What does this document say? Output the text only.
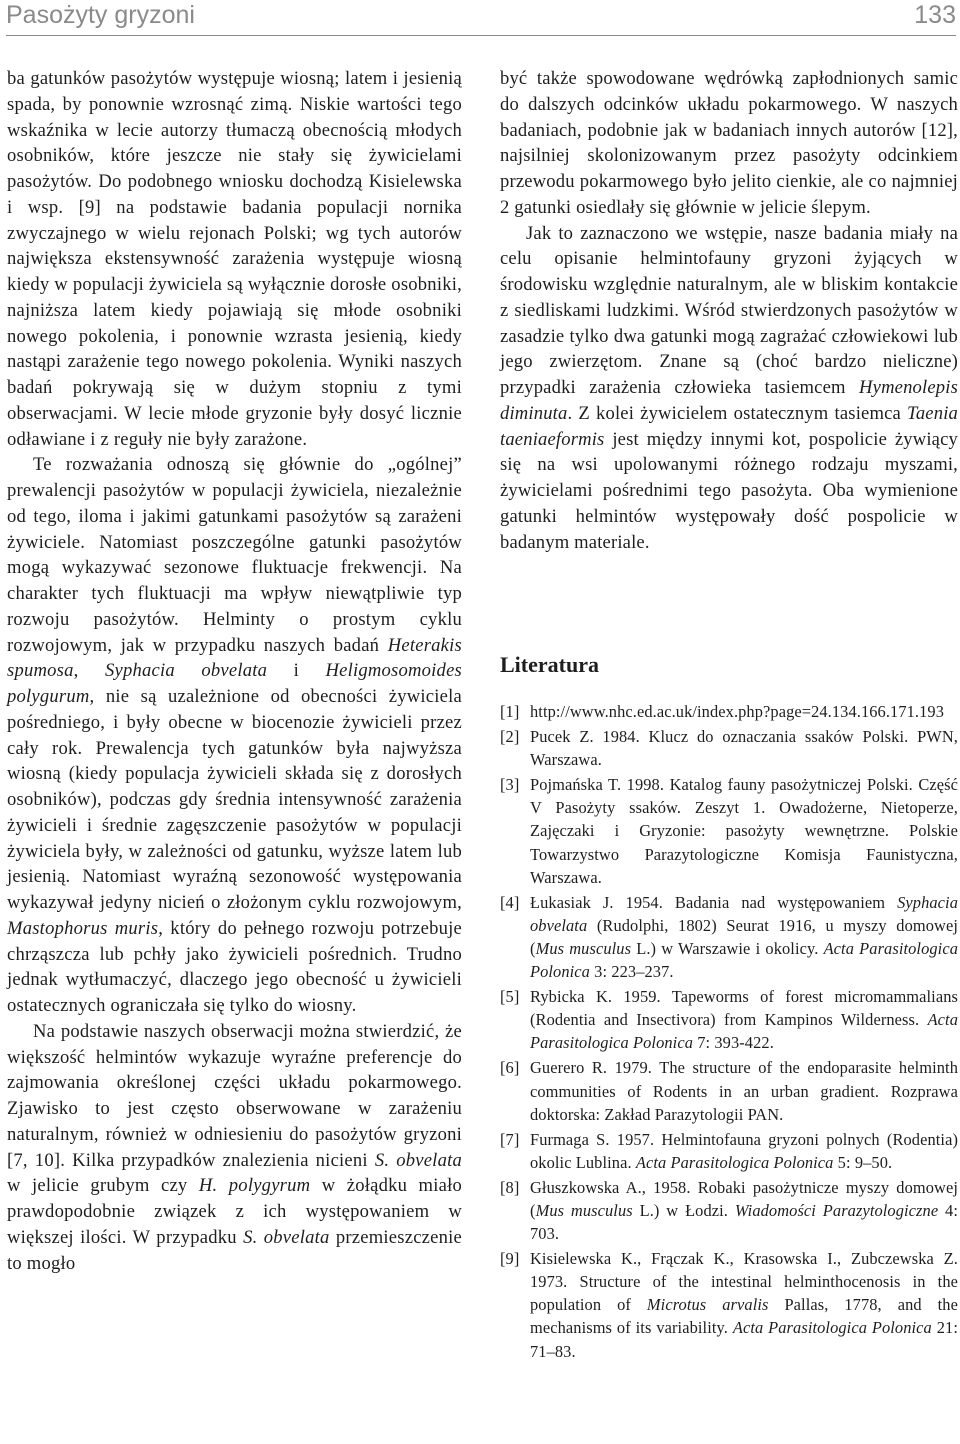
Pasożyty gryzoni	133

ba gatunków pasożytów występuje wiosną; latem i jesienią spada, by ponownie wzrosnąć zimą. Niskie wartości tego wskaźnika w lecie autorzy tłumaczą obecnością młodych osobników, które jeszcze nie stały się żywicielami pasożytów. Do podobnego wniosku dochodzą Kisielewska i wsp. [9] na podstawie badania populacji nornika zwyczajnego w wielu rejonach Polski; wg tych autorów największa ekstensywność zarażenia występuje wiosną kiedy w populacji żywiciela są wyłącznie dorosłe osobniki, najniższa latem kiedy pojawiają się młode osobniki nowego pokolenia, i ponownie wzrasta jesienią, kiedy nastąpi zarażenie tego nowego pokolenia. Wyniki naszych badań pokrywają się w dużym stopniu z tymi obserwacjami. W lecie młode gryzonie były dosyć licznie odławiane i z reguły nie były zarażone.

Te rozważania odnoszą się głównie do „ogólnej” prewalencji pasożytów w populacji żywiciela, niezależnie od tego, iloma i jakimi gatunkami pasożytów są zarażeni żywiciele. Natomiast poszczególne gatunki pasożytów mogą wykazywać sezonowe fluktuacje frekwencji. Na charakter tych fluktuacji ma wpływ niewątpliwie typ rozwoju pasożytów. Helminty o prostym cyklu rozwojowym, jak w przypadku naszych badań Heterakis spumosa, Syphacia obvelata i Heligmosomoides polygurum, nie są uzależnione od obecności żywiciela pośredniego, i były obecne w biocenozie żywicieli przez cały rok. Prewalencja tych gatunków była najwyższa wiosną (kiedy populacja żywicieli składa się z dorosłych osobników), podczas gdy średnia intensywność zarażenia żywicieli i średnie zagęszczenie pasożytów w populacji żywiciela były, w zależności od gatunku, wyższe latem lub jesienią. Natomiast wyraźną sezonowość występowania wykazywał jedyny nicień o złożonym cyklu rozwojowym, Mastophorus muris, który do pełnego rozwoju potrzebuje chrząszcza lub pchły jako żywicieli pośrednich. Trudno jednak wytłumaczyć, dlaczego jego obecność u żywicieli ostatecznych ograniczała się tylko do wiosny.

Na podstawie naszych obserwacji można stwierdzić, że większość helmintów wykazuje wyraźne preferencje do zajmowania określonej części układu pokarmowego. Zjawisko to jest często obserwowane w zarażeniu naturalnym, również w odniesieniu do pasożytów gryzoni [7, 10]. Kilka przypadków znalezienia nicieni S. obvelata w jelicie grubym czy H. polygyrum w żołądku miało prawdopodobnie związek z ich występowaniem w większej ilości. W przypadku S. obvelata przemieszczenie to mogło

być także spowodowane wędrówką zapłodnionych samic do dalszych odcinków układu pokarmowego. W naszych badaniach, podobnie jak w badaniach innych autorów [12], najsilniej skolonizowanym przez pasożyty odcinkiem przewodu pokarmowego było jelito cienkie, ale co najmniej 2 gatunki osiedlały się głównie w jelicie ślepym.

Jak to zaznaczono we wstępie, nasze badania miały na celu opisanie helmintofauny gryzoni żyjących w środowisku względnie naturalnym, ale w bliskim kontakcie z siedliskami ludzkimi. Wśród stwierdzonych pasożytów w zasadzie tylko dwa gatunki mogą zagrażać człowiekowi lub jego zwierzętom. Znane są (choć bardzo nieliczne) przypadki zarażenia człowieka tasiemcem Hymenolepis diminuta. Z kolei żywicielem ostatecznym tasiemca Taenia taeniaeformis jest między innymi kot, pospolicie żywiący się na wsi upolowanymi różnego rodzaju myszami, żywicielami pośrednimi tego pasożyta. Oba wymienione gatunki helmintów występowały dość pospolicie w badanym materiale.

Literatura
[1] http://www.nhc.ed.ac.uk/index.php?page=24.134.166.171.193
[2] Pucek Z. 1984. Klucz do oznaczania ssaków Polski. PWN, Warszawa.
[3] Pojmańska T. 1998. Katalog fauny pasożytniczej Polski. Część V Pasożyty ssaków. Zeszyt 1. Owadożerne, Nietoperze, Zajęczaki i Gryzonie: pasożyty wewnętrzne. Polskie Towarzystwo Parazytologiczne Komisja Faunistyczna, Warszawa.
[4] Łukasiak J. 1954. Badania nad występowaniem Syphacia obvelata (Rudolphi, 1802) Seurat 1916, u myszy domowej (Mus musculus L.) w Warszawie i okolicy. Acta Parasitologica Polonica 3: 223–237.
[5] Rybicka K. 1959. Tapeworms of forest micromammalians (Rodentia and Insectivora) from Kampinos Wilderness. Acta Parasitologica Polonica 7: 393-422.
[6] Guerero R. 1979. The structure of the endoparasite helminth communities of Rodents in an urban gradient. Rozprawa doktorska: Zakład Parazytologii PAN.
[7] Furmaga S. 1957. Helmintofauna gryzoni polnych (Rodentia) okolic Lublina. Acta Parasitologica Polonica 5: 9–50.
[8] Głuszkowska A., 1958. Robaki pasożytnicze myszy domowej (Mus musculus L.) w Łodzi. Wiadomości Parazytologiczne 4: 703.
[9] Kisielewska K., Frączak K., Krasowska I., Zubczewska Z. 1973. Structure of the intestinal helminthocenosis in the population of Microtus arvalis Pallas, 1778, and the mechanisms of its variability. Acta Parasitologica Polonica 21: 71–83.
